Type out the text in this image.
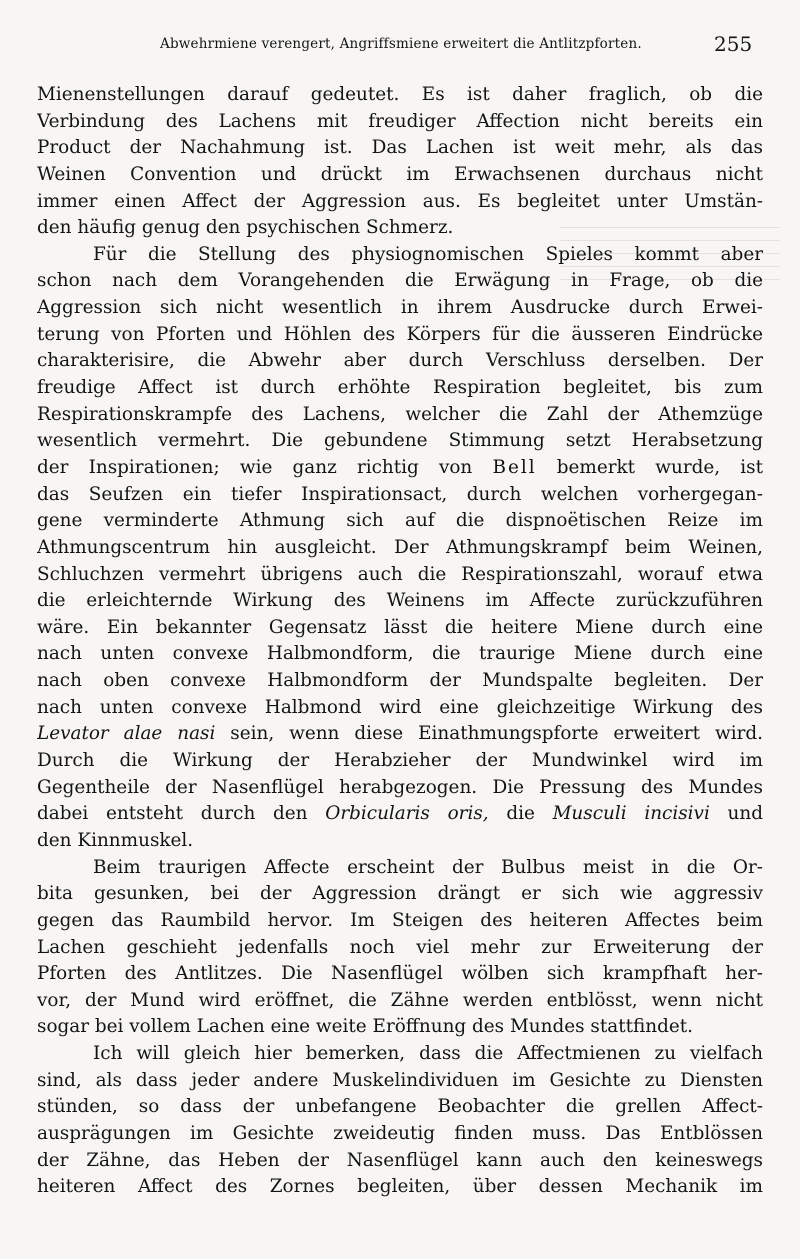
Abwehrmiene verengert, Angriffsmiene erweitert die Antlitzpforten.	255
Mienenstellungen darauf gedeutet. Es ist daher fraglich, ob die
Verbindung des Lachens mit freudiger Affection nicht bereits ein
Product der Nachahmung ist. Das Lachen ist weit mehr, als das
Weinen Convention und drückt im Erwachsenen durchaus nicht
immer einen Affect der Aggression aus. Es begleitet unter Umstän-
den häufig genug den psychischen Schmerz.
Für die Stellung des physiognomischen Spieles kommt aber
schon nach dem Vorangehenden die Erwägung in Frage, ob die
Aggression sich nicht wesentlich in ihrem Ausdrucke durch Erwei-
terung von Pforten und Höhlen des Körpers für die äusseren Eindrücke
charakterisire, die Abwehr aber durch Verschluss derselben. Der
freudige Affect ist durch erhöhte Respiration begleitet, bis zum
Respirationskrampfe des Lachens, welcher die Zahl der Athemzüge
wesentlich vermehrt. Die gebundene Stimmung setzt Herabsetzung
der Inspirationen; wie ganz richtig von Bell bemerkt wurde, ist
das Seufzen ein tiefer Inspirationsact, durch welchen vorhergegan-
gene verminderte Athmung sich auf die dispnoëtischen Reize im
Athmungscentrum hin ausgleicht. Der Athmungskrampf beim Weinen,
Schluchzen vermehrt übrigens auch die Respirationszahl, worauf etwa
die erleichternde Wirkung des Weinens im Affecte zurückzuführen
wäre. Ein bekannter Gegensatz lässt die heitere Miene durch eine
nach unten convexe Halbmondform, die traurige Miene durch eine
nach oben convexe Halbmondform der Mundspalte begleiten. Der
nach unten convexe Halbmond wird eine gleichzeitige Wirkung des
Levator alae nasi sein, wenn diese Einathmungspforte erweitert wird.
Durch die Wirkung der Herabzieher der Mundwinkel wird im
Gegentheile der Nasenflügel herabgezogen. Die Pressung des Mundes
dabei entsteht durch den Orbicularis oris, die Musculi incisivi und
den Kinnmuskel.
Beim traurigen Affecte erscheint der Bulbus meist in die Or-
bita gesunken, bei der Aggression drängt er sich wie aggressiv
gegen das Raumbild hervor. Im Steigen des heiteren Affectes beim
Lachen geschieht jedenfalls noch viel mehr zur Erweiterung der
Pforten des Antlitzes. Die Nasenflügel wölben sich krampfhaft her-
vor, der Mund wird eröffnet, die Zähne werden entblösst, wenn nicht
sogar bei vollem Lachen eine weite Eröffnung des Mundes stattfindet.
Ich will gleich hier bemerken, dass die Affectmienen zu vielfach
sind, als dass jeder andere Muskelindividuen im Gesichte zu Diensten
stünden, so dass der unbefangene Beobachter die grellen Affect-
ausprägungen im Gesichte zweideutig finden muss. Das Entblössen
der Zähne, das Heben der Nasenflügel kann auch den keineswegs
heiteren Affect des Zornes begleiten, über dessen Mechanik im
